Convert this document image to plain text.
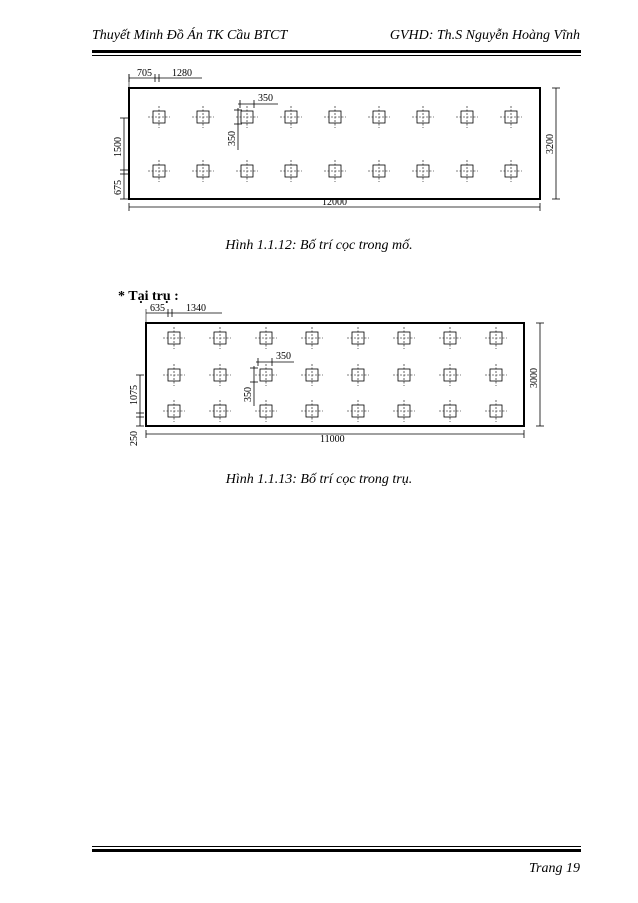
Thuyết Minh Đồ Án TK Cầu BTCT	GVHD: Th.S Nguyễn Hoàng Vĩnh
705 1280
350
350
1500
675
12000
3200
635 1340
350
350
1075
250	11000
3000
Hình 1.1.12: Bố trí cọc trong mố.
* Tại trụ :
Hình 1.1.13: Bố trí cọc trong trụ.
Trang 19
